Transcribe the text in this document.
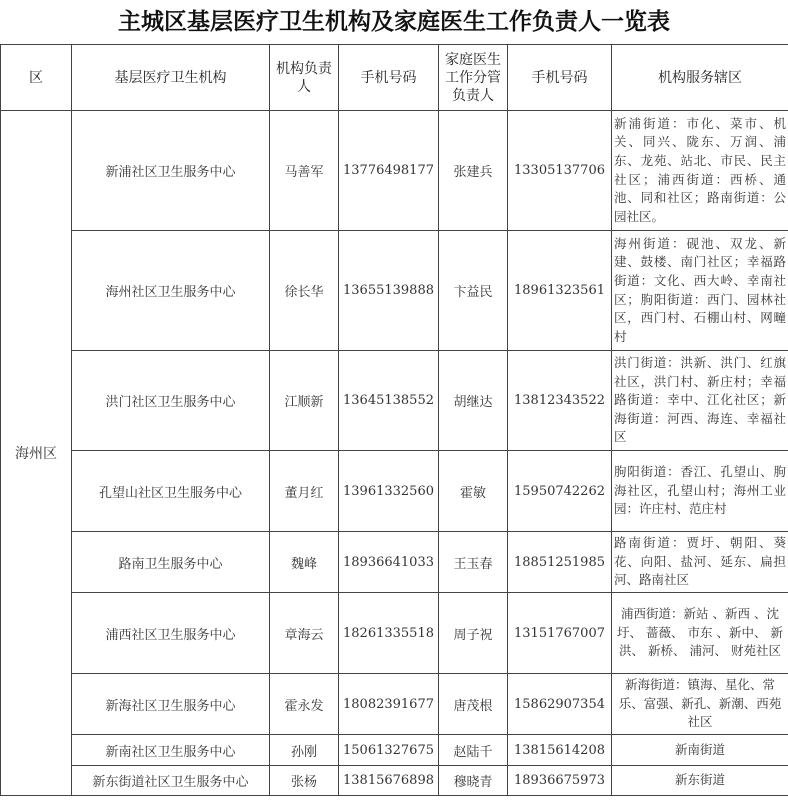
主城区基层医疗卫生机构及家庭医生工作负责人一览表
区	基层医疗卫生机构	机构负责人	手机号码	家庭医生工作分管负责人	手机号码	机构服务辖区
海州区	新浦社区卫生服务中心	马善军	13776498177	张建兵	13305137706	新浦街道：市化、菜市、机关、同兴、陇东、万润、浦东、龙苑、站北、市民、民主社区；浦西街道：西桥、通池、同和社区；路南街道：公园社区。
	海州社区卫生服务中心	徐长华	13655139888	卞益民	18961323561	海州街道：砚池、双龙、新建、鼓楼、南门社区；幸福路街道：文化、西大岭、幸南社区；朐阳街道：西门、园林社区，西门村、石棚山村、网疃村
	洪门社区卫生服务中心	江顺新	13645138552	胡继达	13812343522	洪门街道：洪新、洪门、红旗社区，洪门村、新庄村；幸福路街道：幸中、江化社区；新海街道：河西、海连、幸福社区
	孔望山社区卫生服务中心	董月红	13961332560	霍敏	15950742262	朐阳街道：香江、孔望山、朐海社区，孔望山村；海州工业园：许庄村、范庄村
	路南卫生服务中心	魏峰	18936641033	王玉春	18851251985	路南街道：贾圩、朝阳、葵花、向阳、盐河、延东、扁担河、路南社区
	浦西社区卫生服务中心	章海云	18261335518	周子祝	13151767007	浦西街道：新站 、新西 、沈圩、 蔷薇、 市东 、新中、 新洪、 新桥、 浦河、 财苑社区
	新海社区卫生服务中心	霍永发	18082391677	唐茂根	15862907354	新海街道：镇海、星化、常乐、富强、新孔、新潮、西苑社区
	新南社区卫生服务中心	孙刚	15061327675	赵陆千	13815614208	新南街道
	新东街道社区卫生服务中心	张杨	13815676898	穆晓青	18936675973	新东街道
